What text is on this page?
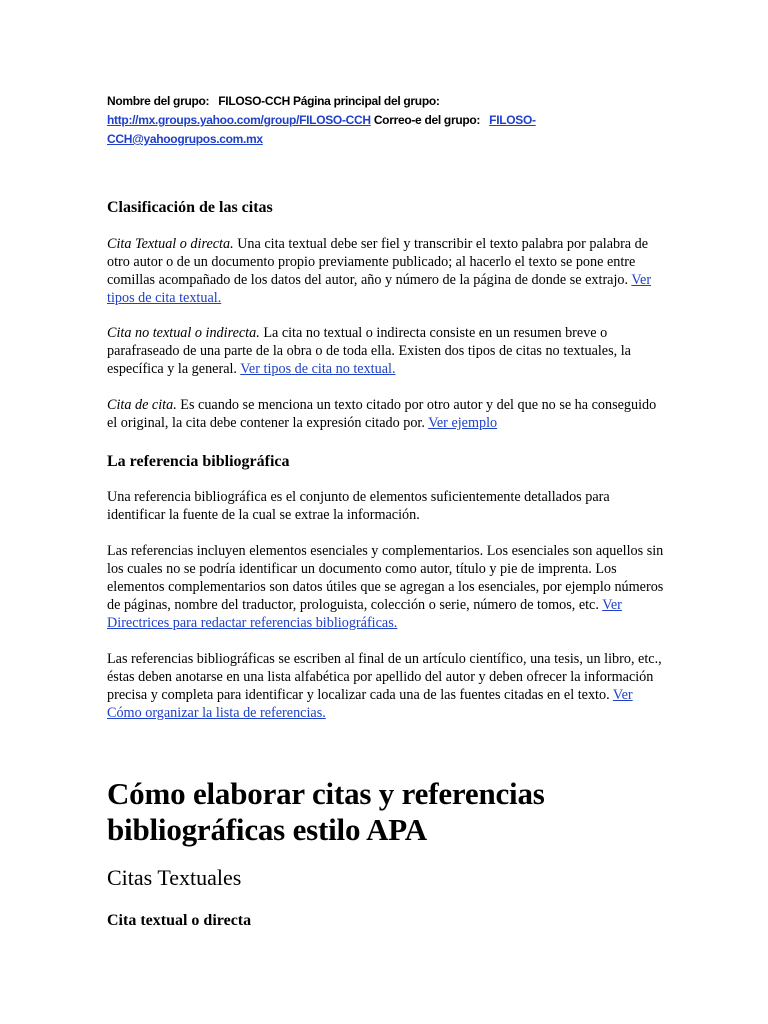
Nombre del grupo: FILOSO-CCH Página principal del grupo: http://mx.groups.yahoo.com/group/FILOSO-CCH Correo-e del grupo: FILOSO-CCH@yahoogrupos.com.mx
Clasificación de las citas

Cita Textual o directa. Una cita textual debe ser fiel y transcribir el texto palabra por palabra de otro autor o de un documento propio previamente publicado; al hacerlo el texto se pone entre comillas acompañado de los datos del autor, año y número de la página de donde se extrajo. Ver tipos de cita textual.

Cita no textual o indirecta. La cita no textual o indirecta consiste en un resumen breve o parafraseado de una parte de la obra o de toda ella. Existen dos tipos de citas no textuales, la específica y la general. Ver tipos de cita no textual.

Cita de cita. Es cuando se menciona un texto citado por otro autor y del que no se ha conseguido el original, la cita debe contener la expresión citado por. Ver ejemplo

La referencia bibliográfica

Una referencia bibliográfica es el conjunto de elementos suficientemente detallados para identificar la fuente de la cual se extrae la información.

Las referencias incluyen elementos esenciales y complementarios. Los esenciales son aquellos sin los cuales no se podría identificar un documento como autor, título y pie de imprenta. Los elementos complementarios son datos útiles que se agregan a los esenciales, por ejemplo números de páginas, nombre del traductor, prologuista, colección o serie, número de tomos, etc. Ver Directrices para redactar referencias bibliográficas.

Las referencias bibliográficas se escriben al final de un artículo científico, una tesis, un libro, etc., éstas deben anotarse en una lista alfabética por apellido del autor y deben ofrecer la información precisa y completa para identificar y localizar cada una de las fuentes citadas en el texto. Ver Cómo organizar la lista de referencias.

Cómo elaborar citas y referencias bibliográficas estilo APA
Citas Textuales
Cita textual o directa
